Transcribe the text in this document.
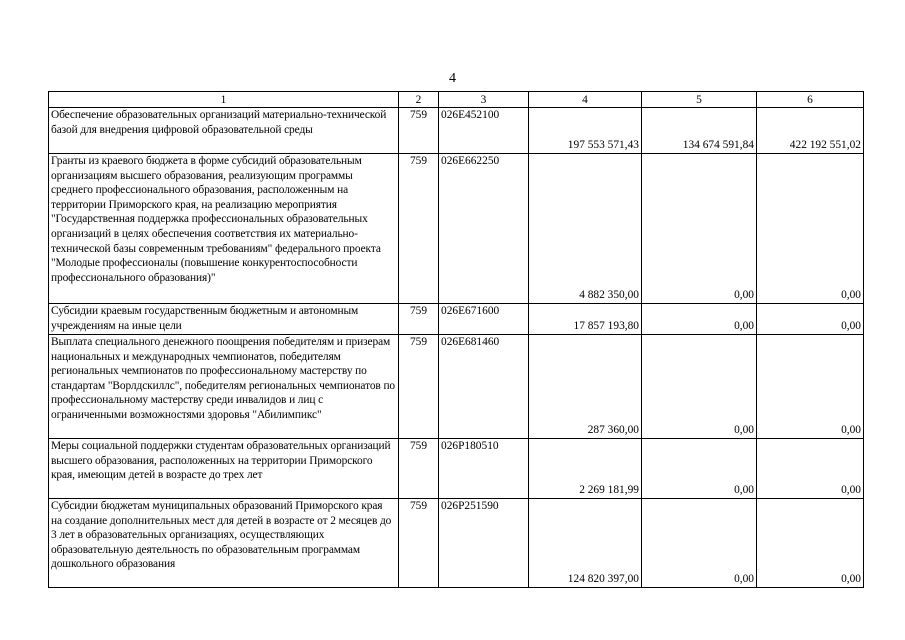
4
1	2	3	4	5	6
Обеспечение образовательных организаций материально-технической базой для внедрения цифровой образовательной среды	759	026E452100	197 553 571,43	134 674 591,84	422 192 551,02
Гранты из краевого бюджета в форме субсидий образовательным организациям высшего образования, реализующим программы среднего профессионального образования, расположенным на территории Приморского края, на реализацию мероприятия "Государственная поддержка профессиональных образовательных организаций в целях обеспечения соответствия их материально-технической базы современным требованиям" федерального проекта "Молодые профессионалы (повышение конкурентоспособности профессионального образования)"	759	026E662250	4 882 350,00	0,00	0,00
Субсидии краевым государственным бюджетным и автономным учреждениям на иные цели	759	026E671600	17 857 193,80	0,00	0,00
Выплата специального денежного поощрения победителям и призерам национальных и международных чемпионатов, победителям региональных чемпионатов по профессиональному мастерству по стандартам "Ворлдскиллс", победителям региональных чемпионатов по профессиональному мастерству среди инвалидов и лиц с ограниченными возможностями здоровья "Абилимпикс"	759	026E681460	287 360,00	0,00	0,00
Меры социальной поддержки студентам образовательных организаций высшего образования, расположенных на территории Приморского края, имеющим детей в возрасте до трех лет	759	026P180510	2 269 181,99	0,00	0,00
Субсидии бюджетам муниципальных образований Приморского края на создание дополнительных мест для детей в возрасте от 2 месяцев до 3 лет в образовательных организациях, осуществляющих образовательную деятельность по образовательным программам дошкольного образования	759	026P251590	124 820 397,00	0,00	0,00
